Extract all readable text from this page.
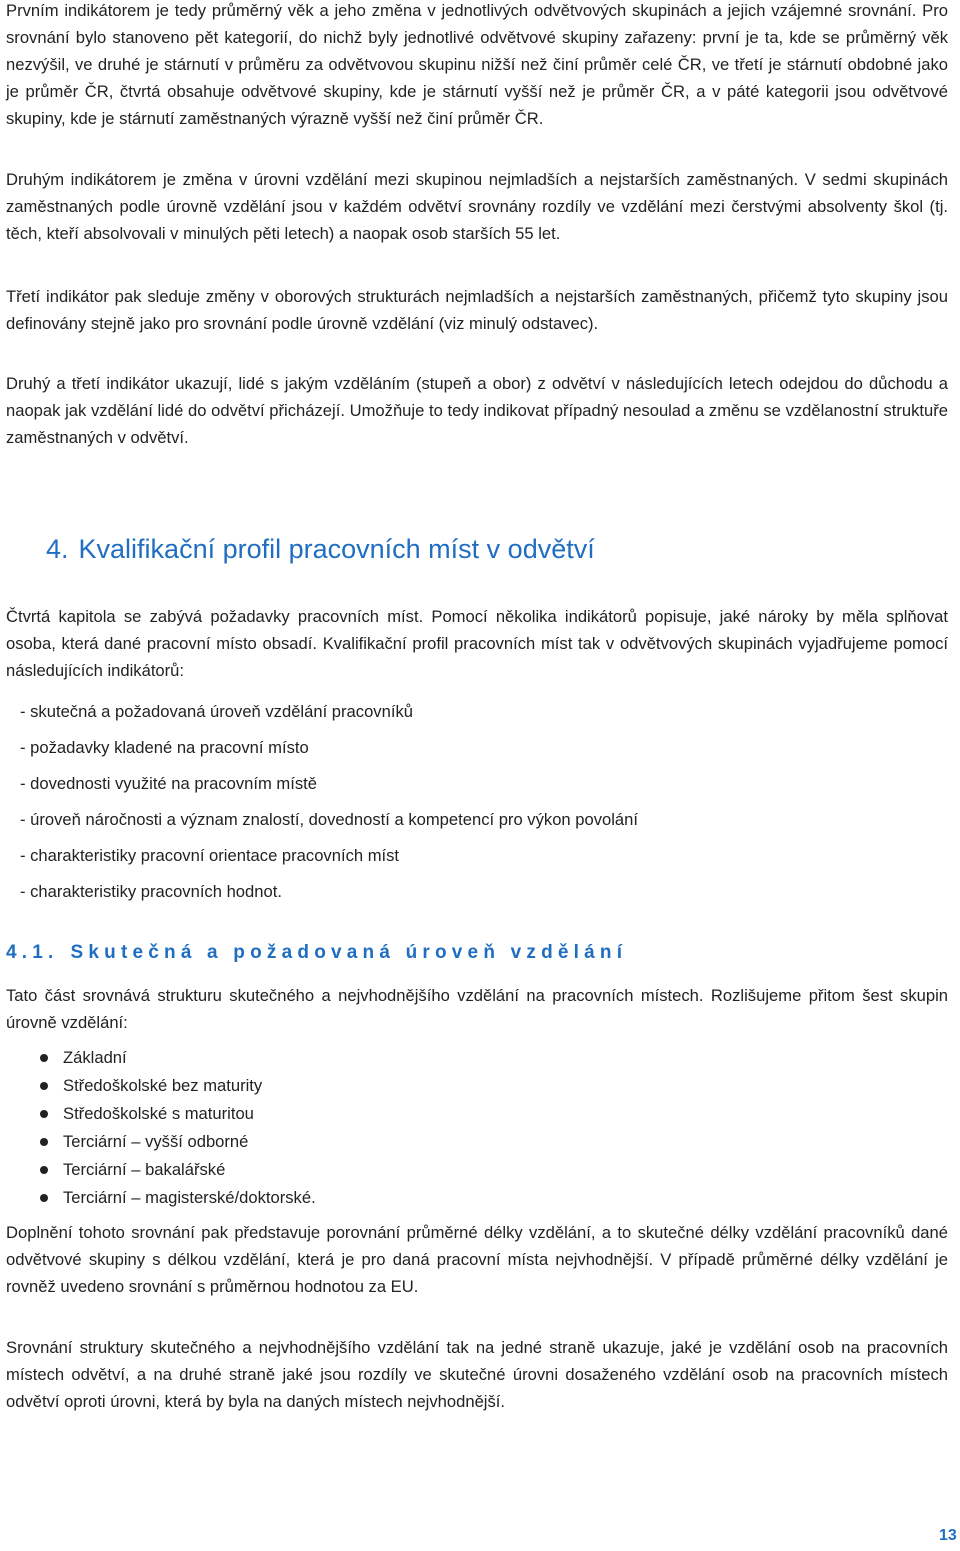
Prvním indikátorem je tedy průměrný věk a jeho změna v jednotlivých odvětvových skupinách a jejich vzájemné srovnání. Pro srovnání bylo stanoveno pět kategorií, do nichž byly jednotlivé odvětvové skupiny zařazeny: první je ta, kde se průměrný věk nezvýšil, ve druhé je stárnutí v průměru za odvětvovou skupinu nižší než činí průměr celé ČR, ve třetí je stárnutí obdobné jako je průměr ČR, čtvrtá obsahuje odvětvové skupiny, kde je stárnutí vyšší než je průměr ČR, a v páté kategorii jsou odvětvové skupiny, kde je stárnutí zaměstnaných výrazně vyšší než činí průměr ČR.

Druhým indikátorem je změna v úrovni vzdělání mezi skupinou nejmladších a nejstarších zaměstnaných. V sedmi skupinách zaměstnaných podle úrovně vzdělání jsou v každém odvětví srovnány rozdíly ve vzdělání mezi čerstvými absolventy škol (tj. těch, kteří absolvovali v minulých pěti letech) a naopak osob starších 55 let.

Třetí indikátor pak sleduje změny v oborových strukturách nejmladších a nejstarších zaměstnaných, přičemž tyto skupiny jsou definovány stejně jako pro srovnání podle úrovně vzdělání (viz minulý odstavec).

Druhý a třetí indikátor ukazují, lidé s jakým vzděláním (stupeň a obor) z odvětví v následujících letech odejdou do důchodu a naopak jak vzdělání lidé do odvětví přicházejí. Umožňuje to tedy indikovat případný nesoulad a změnu se vzdělanostní struktuře zaměstnaných v odvětví.

4. Kvalifikační profil pracovních míst v odvětví

Čtvrtá kapitola se zabývá požadavky pracovních míst. Pomocí několika indikátorů popisuje, jaké nároky by měla splňovat osoba, která dané pracovní místo obsadí. Kvalifikační profil pracovních míst tak v odvětvových skupinách vyjadřujeme pomocí následujících indikátorů:

- skutečná a požadovaná úroveň vzdělání pracovníků
- požadavky kladené na pracovní místo
- dovednosti využité na pracovním místě
- úroveň náročnosti a význam znalostí, dovedností a kompetencí pro výkon povolání
- charakteristiky pracovní orientace pracovních míst
- charakteristiky pracovních hodnot.
4.1. Skutečná a požadovaná úroveň vzdělání

Tato část srovnává strukturu skutečného a nejvhodnějšího vzdělání na pracovních místech. Rozlišujeme přitom šest skupin úrovně vzdělání:

Základní
Středoškolské bez maturity
Středoškolské s maturitou
Terciární – vyšší odborné
Terciární – bakalářské
Terciární – magisterské/doktorské.

Doplnění tohoto srovnání pak představuje porovnání průměrné délky vzdělání, a to skutečné délky vzdělání pracovníků dané odvětvové skupiny s délkou vzdělání, která je pro daná pracovní místa nejvhodnější. V případě průměrné délky vzdělání je rovněž uvedeno srovnání s průměrnou hodnotou za EU.

Srovnání struktury skutečného a nejvhodnějšího vzdělání tak na jedné straně ukazuje, jaké je vzdělání osob na pracovních místech odvětví, a na druhé straně jaké jsou rozdíly ve skutečné úrovni dosaženého vzdělání osob na pracovních místech odvětví oproti úrovni, která by byla na daných místech nejvhodnější.

13
